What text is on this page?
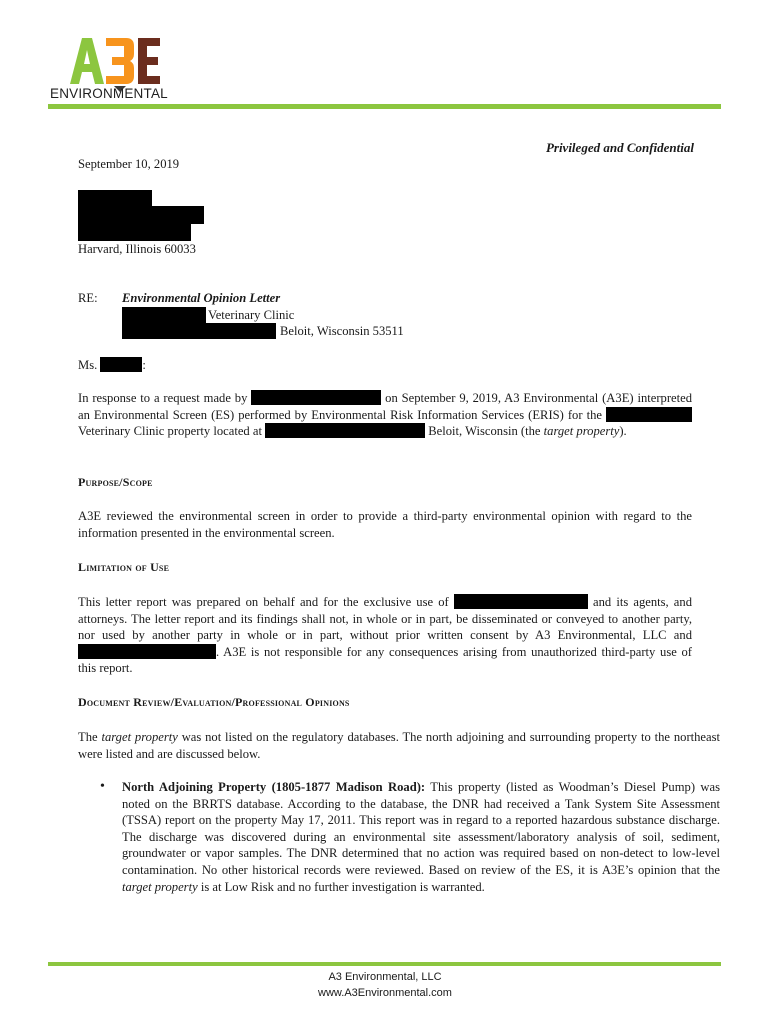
ENVIRONMENTAL
Privileged and Confidential
September 10, 2019
Harvard, Illinois 60033
RE: Environmental Opinion Letter
Veterinary Clinic
Beloit, Wisconsin 53511
Ms.	:
In response to a request made by	on September 9, 2019, A3 Environmental (A3E) interpreted an Environmental Screen (ES) performed by Environmental Risk Information Services (ERIS) for the  Veterinary Clinic property located at	Beloit, Wisconsin (the target property).
Purpose/Scope
A3E reviewed the environmental screen in order to provide a third-party environmental opinion with regard to the information presented in the environmental screen.
Limitation of Use
This letter report was prepared on behalf and for the exclusive use of	and its agents, and attorneys. The letter report and its findings shall not, in whole or in part, be disseminated or conveyed to another party, nor used by another party in whole or in part, without prior written consent by A3 Environmental, LLC and . A3E is not responsible for any consequences arising from unauthorized third-party use of this report.
Document Review/Evaluation/Professional Opinions
The target property was not listed on the regulatory databases. The north adjoining and surrounding property to the northeast were listed and are discussed below.
• North Adjoining Property (1805-1877 Madison Road): This property (listed as Woodman’s Diesel Pump) was noted on the BRRTS database. According to the database, the DNR had received a Tank System Site Assessment (TSSA) report on the property May 17, 2011. This report was in regard to a reported hazardous substance discharge. The discharge was discovered during an environmental site assessment/laboratory analysis of soil, sediment, groundwater or vapor samples. The DNR determined that no action was required based on non-detect to low-level contamination. No other historical records were reviewed. Based on review of the ES, it is A3E’s opinion that the target property is at Low Risk and no further investigation is warranted.
A3 Environmental, LLC
www.A3Environmental.com
